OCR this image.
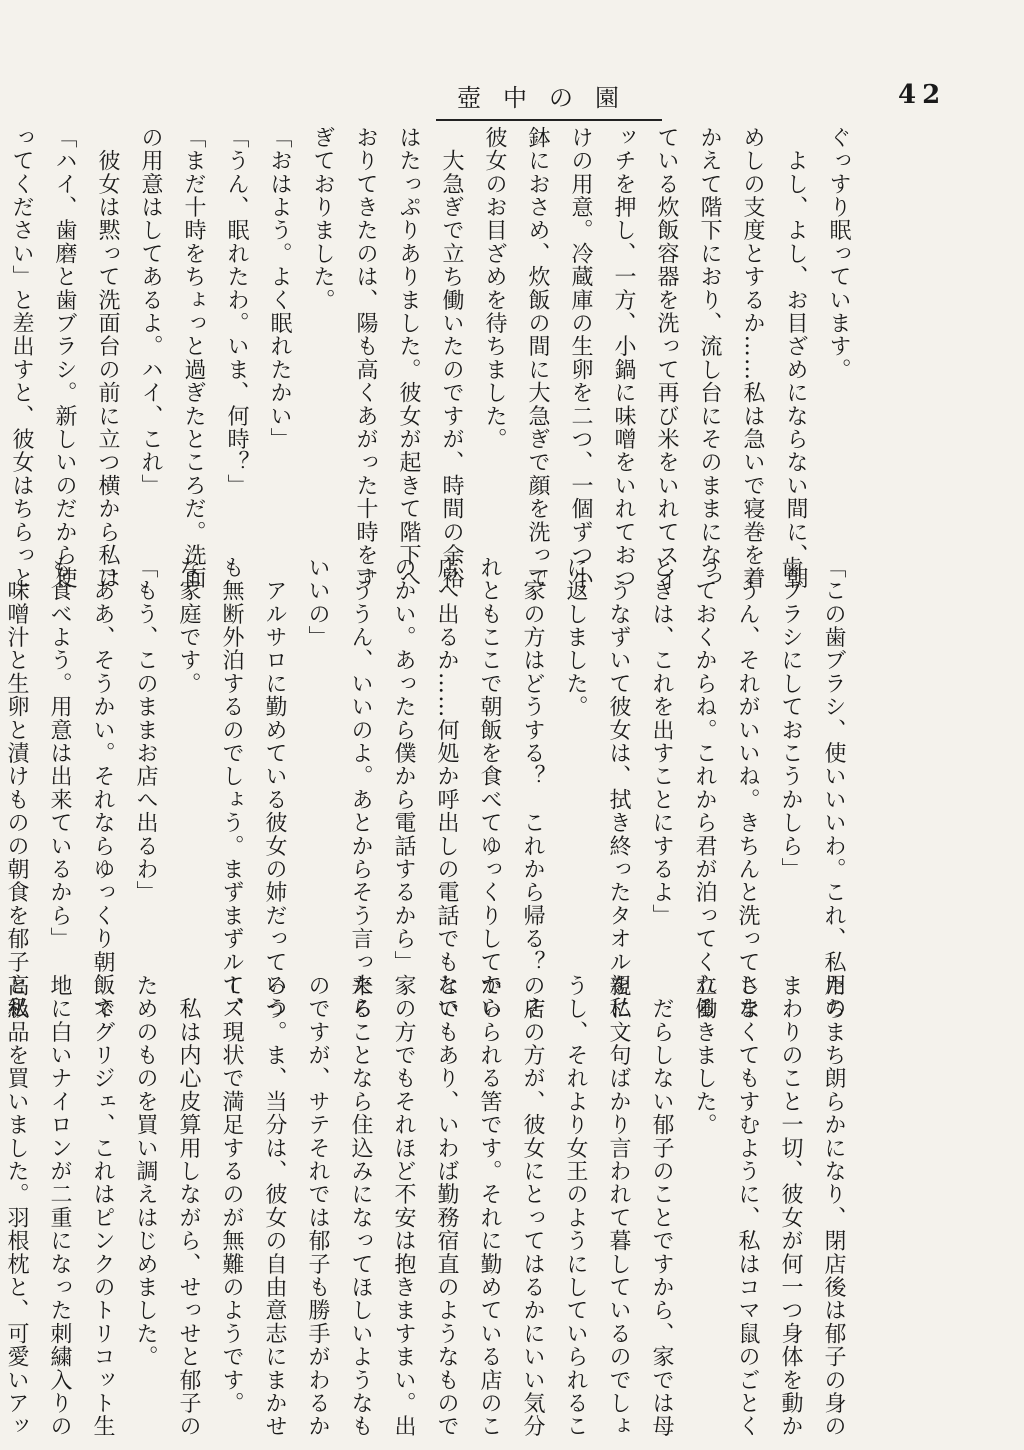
壺中の園	42
ぐっすり眠っています。
　よし、よし、お目ざめにならない間に、朝
めしの支度とするか……私は急いで寝巻を着
かえて階下におり、流し台にそのままになっ
ている炊飯容器を洗って再び米をいれてスイ
ッチを押し、一方、小鍋に味噌をいれておつ
けの用意。冷蔵庫の生卵を二つ、一個ずつ小
鉢におさめ、炊飯の間に大急ぎで顔を洗って
彼女のお目ざめを待ちました。
　大急ぎで立ち働いたのですが、時間の余裕
はたっぷりありました。彼女が起きて階下へ
おりてきたのは、陽も高くあがった十時をす
ぎておりました。
「おはよう。よく眠れたかい」
「うん、眠れたわ。いま、何時？」
「まだ十時をちょっと過ぎたところだ。洗面
の用意はしてあるよ。ハイ、これ」
　彼女は黙って洗面台の前に立つ横から私は
「ハイ、歯磨と歯ブラシ。新しいのだから使
ってください」と差出すと、彼女はちらっと
「この歯ブラシ、使いいいわ。これ、私用の
歯ブラシにしておこうかしら」
「うん、それがいいね。きちんと洗ってしま
っておくからね。これから君が泊ってくれる
ときは、これを出すことにするよ」
　うなずいて彼女は、拭き終ったタオルを私
に返しました。
「家の方はどうする？　これから帰る？　そ
れともここで朝飯を食べてゆっくりしてから
店へ出るか……何処か呼出しの電話でもない
のかい。あったら僕から電話するから」
「ううん、いいのよ。あとからそう言ったら
いいの」
　アルサロに勤めている彼女の姉だっていつ
も無断外泊するのでしょう。まずまずルーズ
な家庭です。
「もう、このままお店へ出るわ」
「ああ、そうかい。それならゆっくり朝飯で
も食べよう。用意は出来ているから」
　味噌汁と生卵と漬けものの朝食を郁子と私
たちまち朗らかになり、閉店後は郁子の身の
まわりのこと一切、彼女が何一つ身体を動か
さなくてもすむように、私はコマ鼠のごとく
立働きました。
　だらしない郁子のことですから、家では母
親に文句ばかり言われて暮しているのでしょ
うし、それより女王のようにしていられるこ
の店の方が、彼女にとってはるかにいい気分
でいられる筈です。それに勤めている店のこ
とでもあり、いわば勤務宿直のようなもので
家の方でもそれほど不安は抱きますまい。出
来ることなら住込みになってほしいようなも
のですが、サテそれでは郁子も勝手がわるか
ろう。ま、当分は、彼女の自由意志にまかせ
て、現状で満足するのが無難のようです。
　私は内心皮算用しながら、せっせと郁子の
ためのものを買い調えはじめました。
　ネグリジェ、これはピンクのトリコット生
地に白いナイロンが二重になった刺繍入りの
高級品を買いました。羽根枕と、可愛いアッ
